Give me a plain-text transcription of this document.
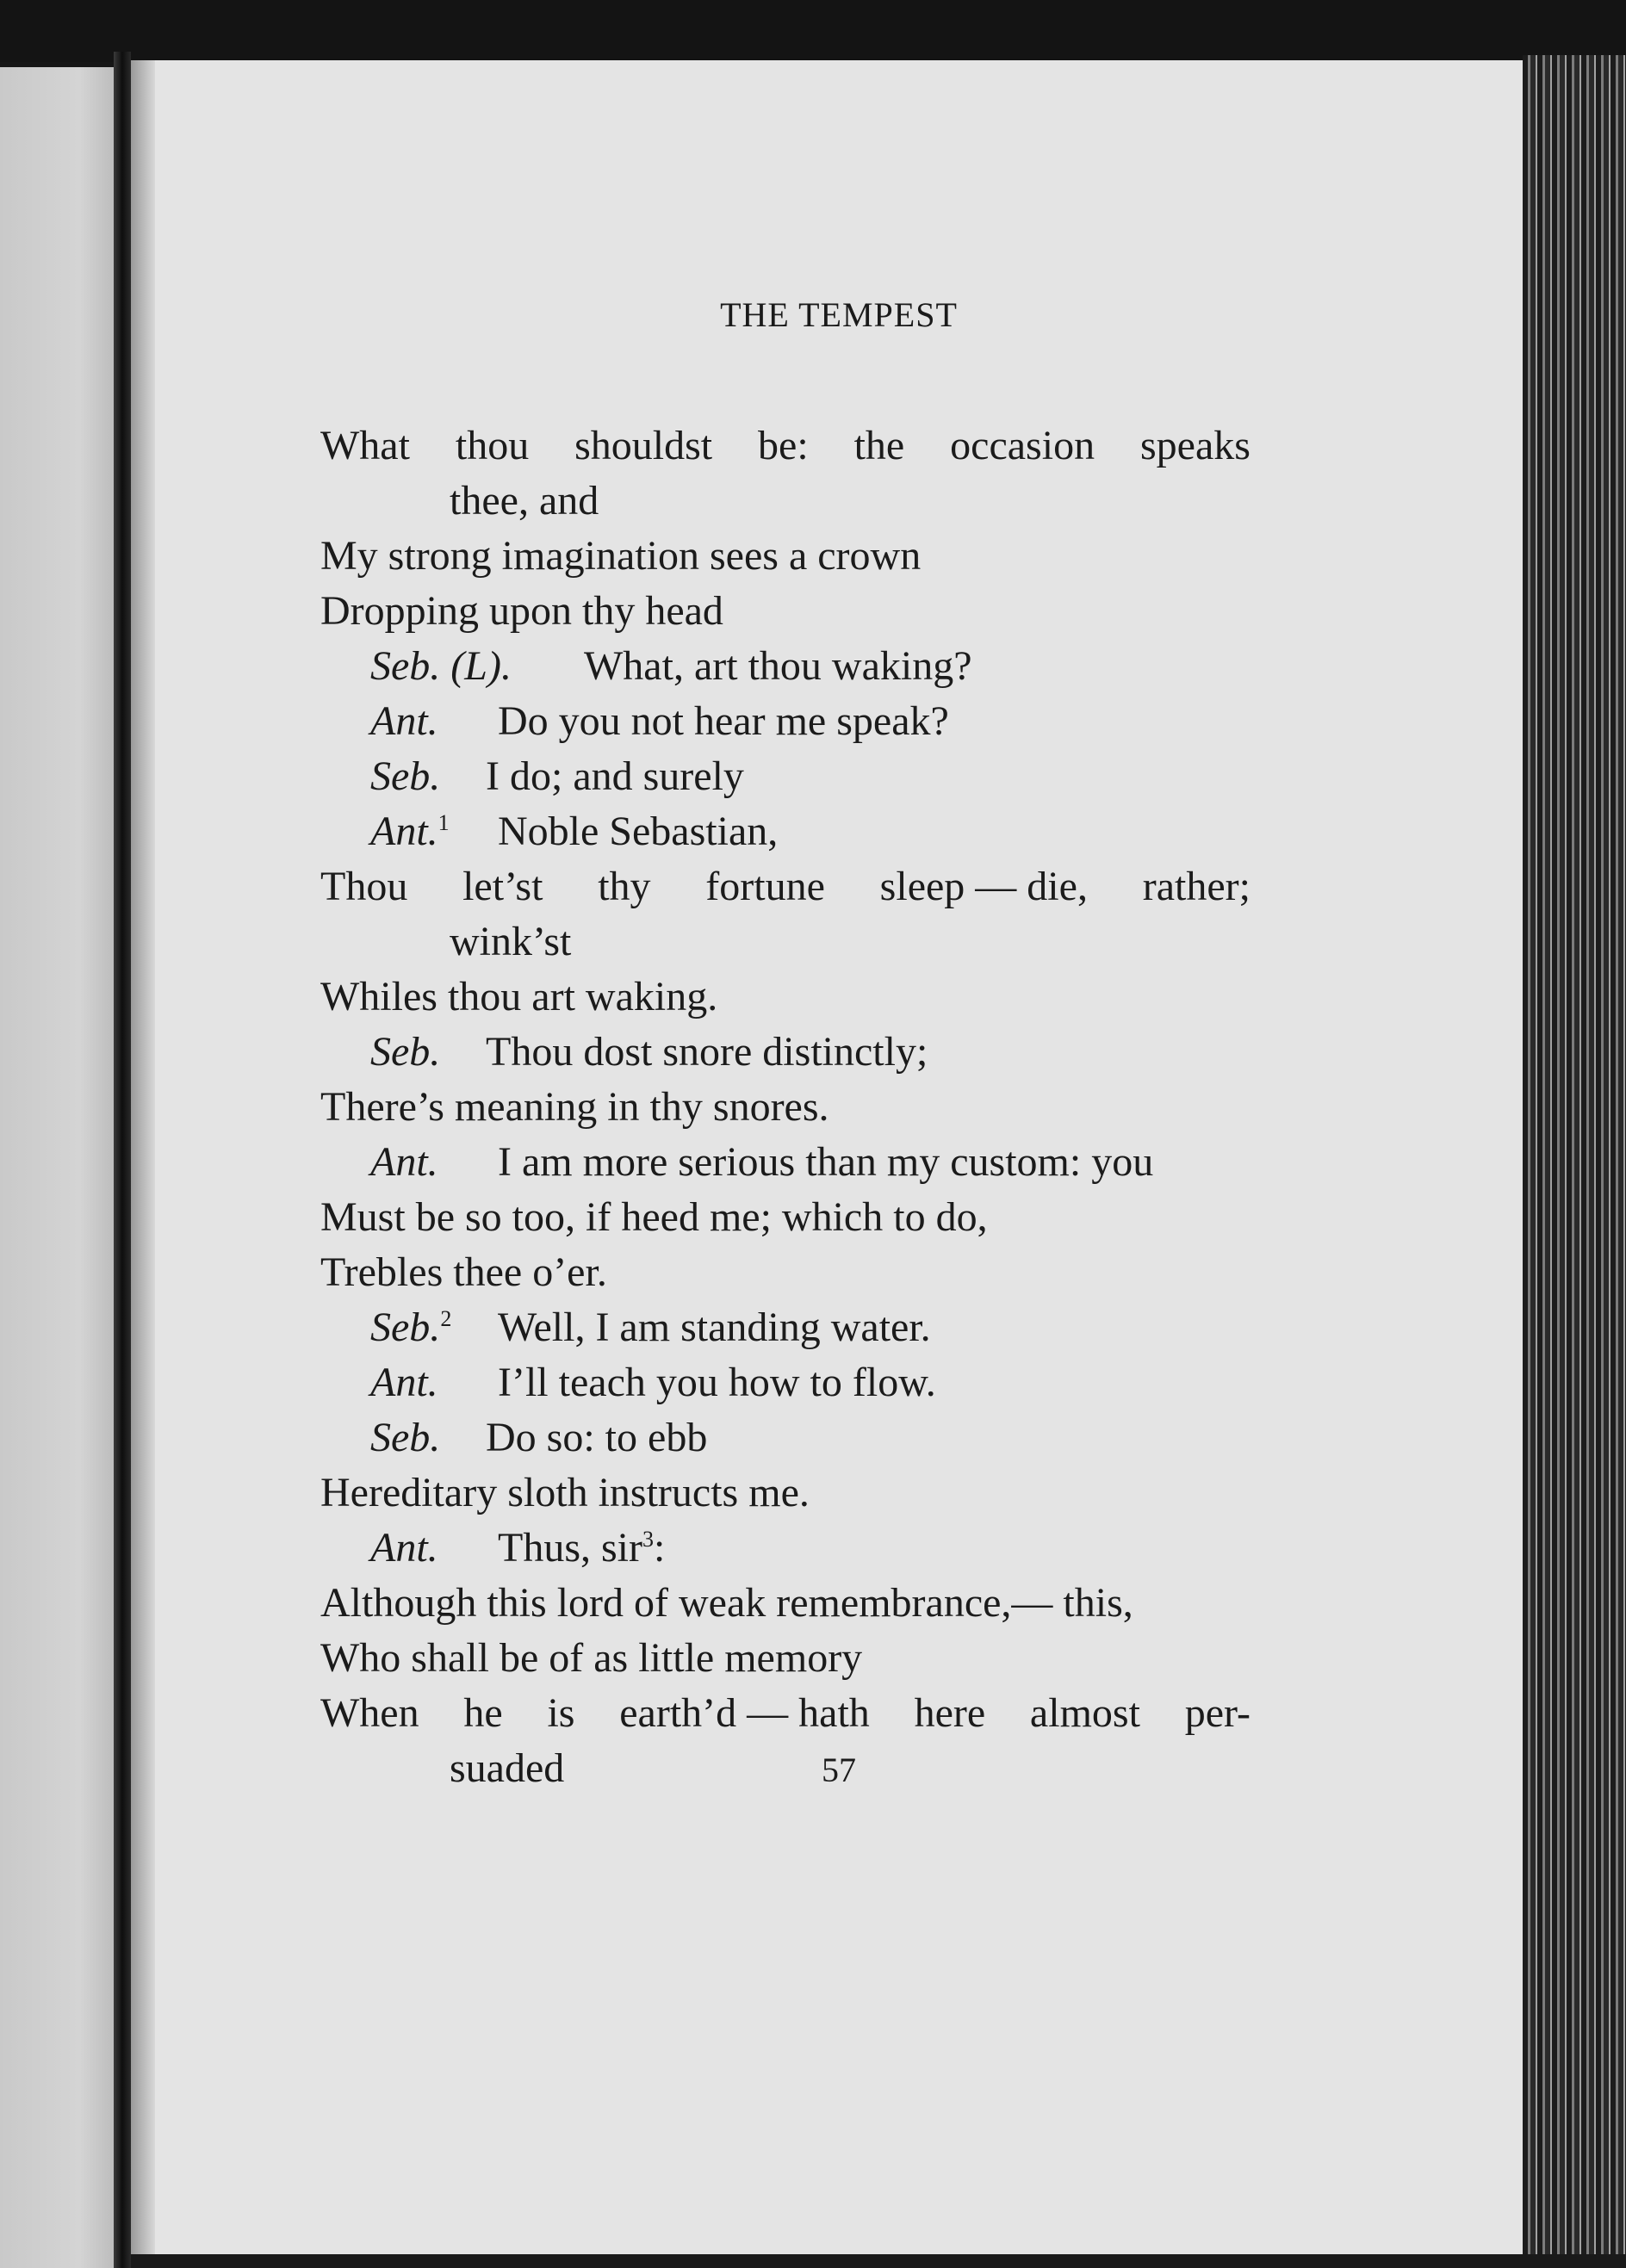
THE TEMPEST
What thou shouldst be: the occasion speaks
thee, and
My strong imagination sees a crown
Dropping upon thy head
Seb. (L). What, art thou waking?
Ant. Do you not hear me speak?
Seb. I do; and surely
Ant.$^1$ Noble Sebastian,
Thou let’st thy fortune sleep — die, rather;
wink’st
Whiles thou art waking.
Seb. Thou dost snore distinctly;
There’s meaning in thy snores.
Ant. I am more serious than my custom: you
Must be so too, if heed me; which to do,
Trebles thee o’er.
Seb.$^2$ Well, I am standing water.
Ant. I’ll teach you how to flow.
Seb. Do so: to ebb
Hereditary sloth instructs me.
Ant. Thus, sir$^3$:
Although this lord of weak remembrance,— this,
Who shall be of as little memory
When he is earth’d — hath here almost per-
suaded	57
